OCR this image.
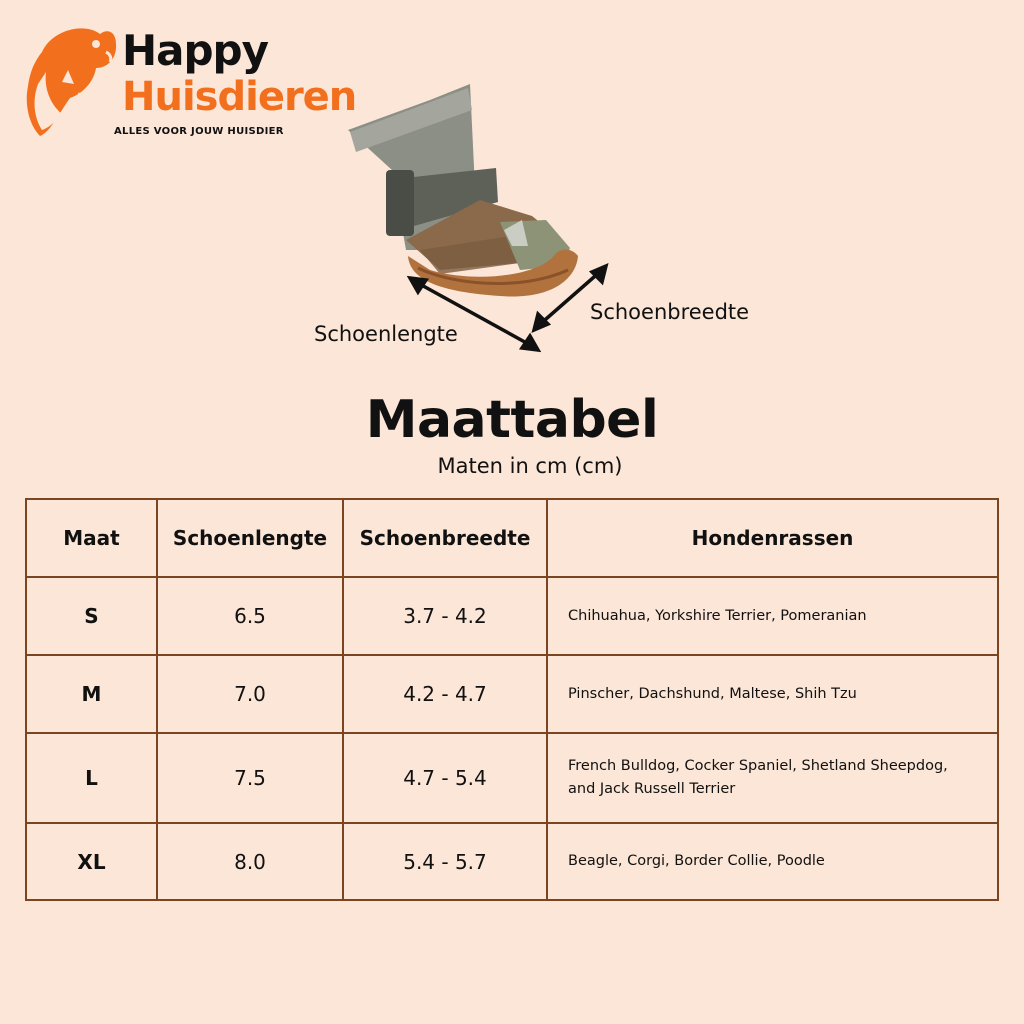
Happy
Huisdieren
ALLES VOOR JOUW HUISDIER
Schoenlengte
Schoenbreedte
Maattabel
Maten in cm (cm)
Maat	Schoenlengte	Schoenbreedte	Hondenrassen
S	6.5	3.7 - 4.2	Chihuahua, Yorkshire Terrier, Pomeranian
M	7.0	4.2 - 4.7	Pinscher, Dachshund, Maltese, Shih Tzu
L	7.5	4.7 - 5.4	French Bulldog, Cocker Spaniel, Shetland Sheepdog, and Jack Russell Terrier
XL	8.0	5.4 - 5.7	Beagle, Corgi, Border Collie, Poodle
